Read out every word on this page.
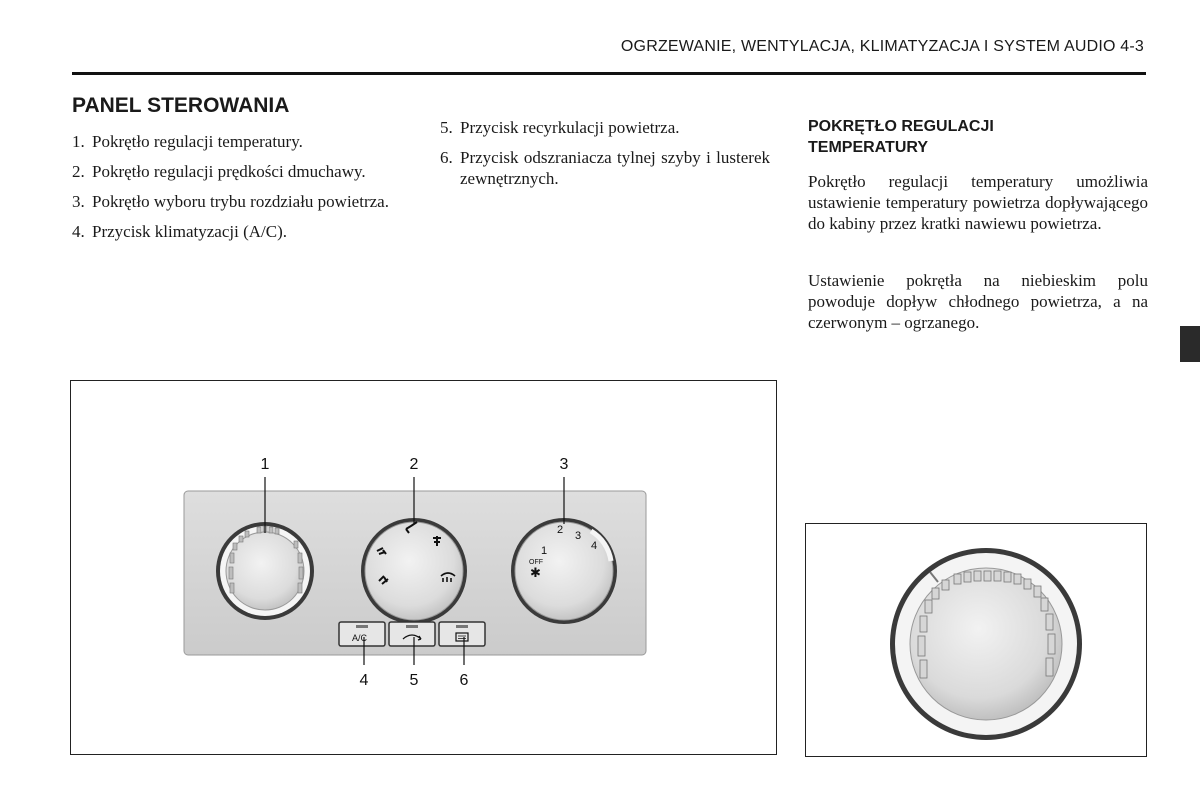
OGRZEWANIE, WENTYLACJA, KLIMATYZACJA I SYSTEM AUDIO 4-3
PANEL STEROWANIA
1. Pokrętło regulacji temperatury.
2. Pokrętło regulacji prędkości dmuchawy.
3. Pokrętło wyboru trybu rozdziału powietrza.
4. Przycisk klimatyzacji (A/C).
5. Przycisk recyrkulacji powietrza.
6. Przycisk odszraniacza tylnej szyby i lusterek zewnętrznych.
POKRĘTŁO REGULACJI
TEMPERATURY

Pokrętło regulacji temperatury umożliwia ustawienie temperatury powietrza dopływającego do kabiny przez kratki nawiewu powietrza.

Ustawienie pokrętła na niebieskim polu powoduje dopływ chłodnego powietrza, a na czerwonym – ogrzanego.

1
2 3
4
OFF
✱
A/C
1	2	3
4	5	6
